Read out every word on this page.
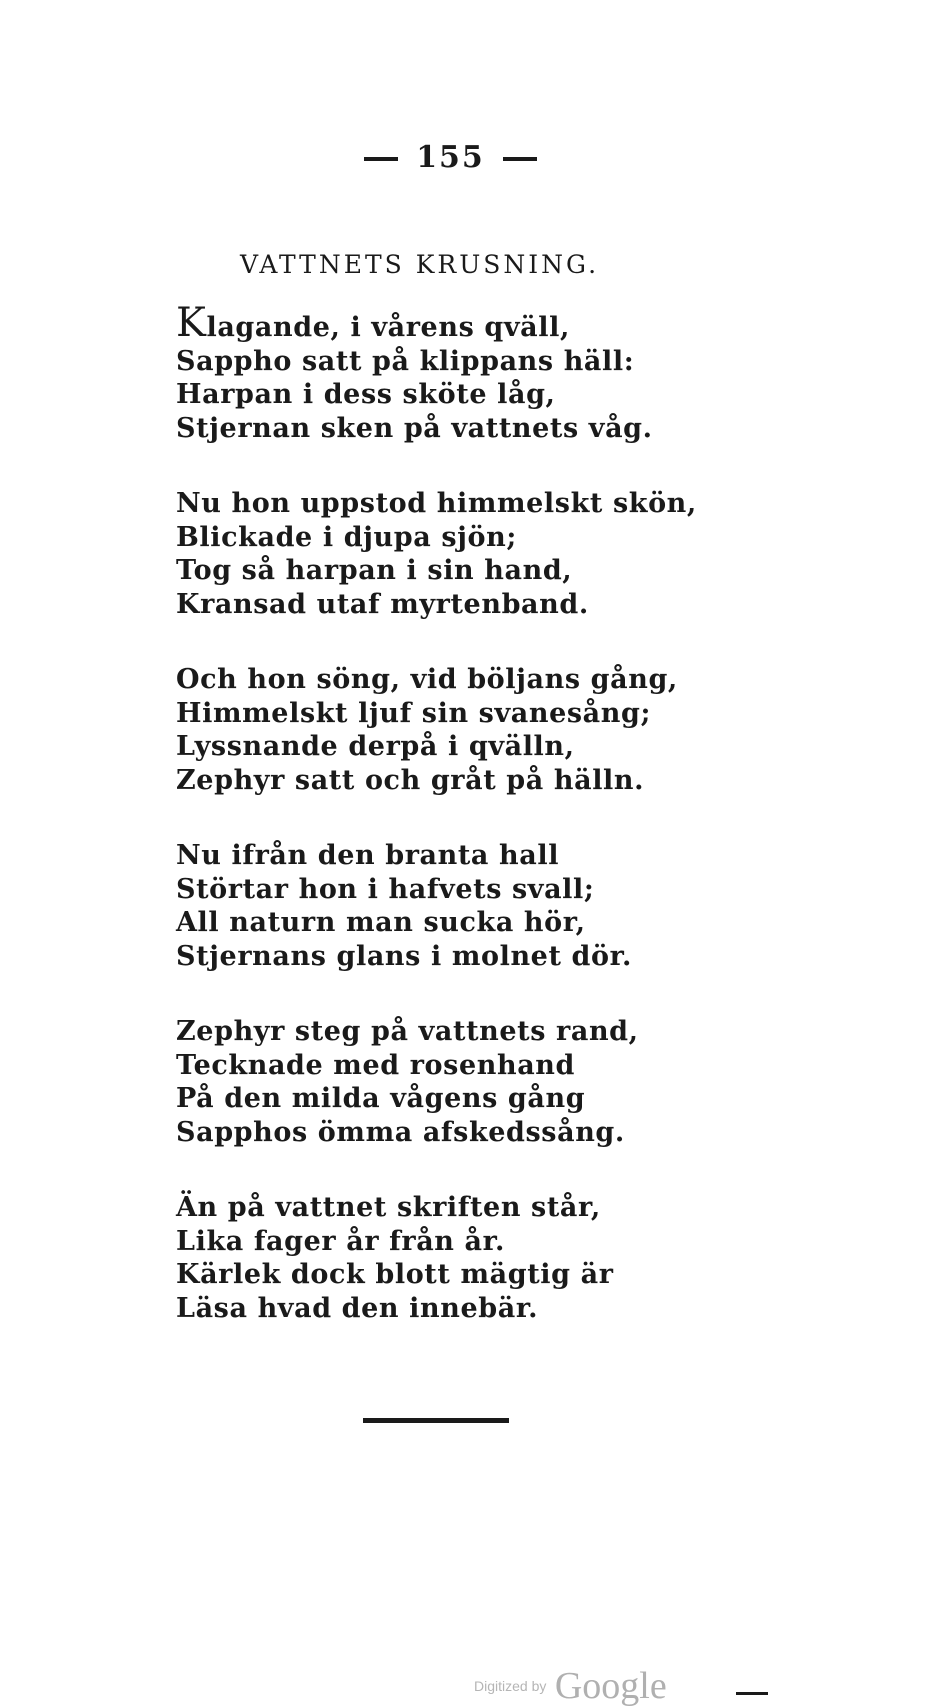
155
VATTNETS KRUSNING.
Klagande, i vårens qväll,
Sappho satt på klippans häll:
Harpan i dess sköte låg,
Stjernan sken på vattnets våg.
Nu hon uppstod himmelskt skön,
Blickade i djupa sjön;
Tog så harpan i sin hand,
Kransad utaf myrtenband.
Och hon söng, vid böljans gång,
Himmelskt ljuf sin svanesång;
Lyssnande derpå i qvälln,
Zephyr satt och gråt på hälln.
Nu ifrån den branta hall
Störtar hon i hafvets svall;
All naturn man sucka hör,
Stjernans glans i molnet dör.
Zephyr steg på vattnets rand,
Tecknade med rosenhand
På den milda vågens gång
Sapphos ömma afskedssång.
Än på vattnet skriften står,
Lika fager år från år.
Kärlek dock blott mägtig är
Läsa hvad den innebär.
Digitized by Google
